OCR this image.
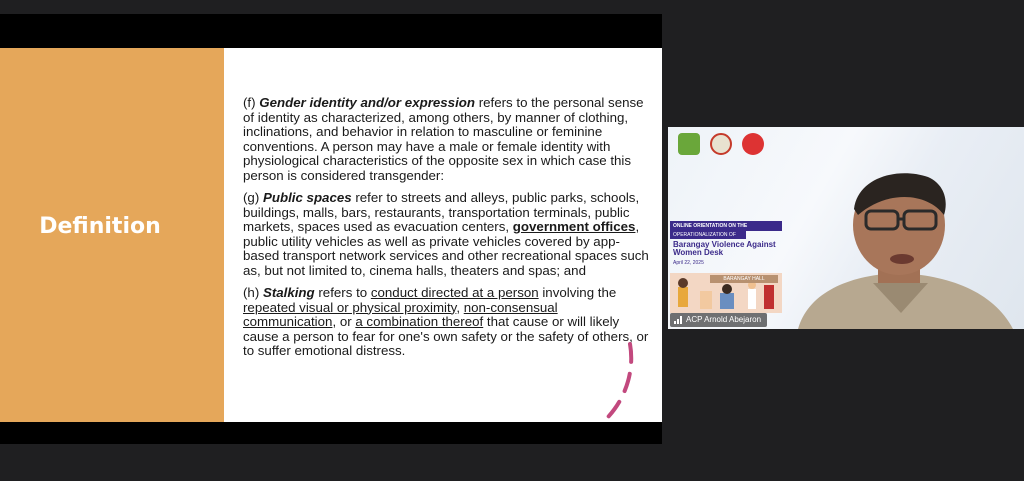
Definition

(f) Gender identity and/or expression refers to the personal sense of identity as characterized, among others, by manner of clothing, inclinations, and behavior in relation to masculine or feminine conventions. A person may have a male or female identity with physiological characteristics of the opposite sex in which case this person is considered transgender:

(g) Public spaces refer to streets and alleys, public parks, schools, buildings, malls, bars, restaurants, transportation terminals, public markets, spaces used as evacuation centers, government offices, public utility vehicles as well as private vehicles covered by app-based transport network services and other recreational spaces such as, but not limited to, cinema halls, theaters and spas; and

(h) Stalking refers to conduct directed at a person involving the repeated visual or physical proximity, non-consensual communication, or a combination thereof that cause or will likely cause a person to fear for one's own safety or the safety of others, or to suffer emotional distress.

ONLINE ORIENTATION ON THE
OPERATIONALIZATION OF
Barangay Violence Against Women Desk
April 22, 2025
BARANGAY HALL
ACP Arnold Abejaron
